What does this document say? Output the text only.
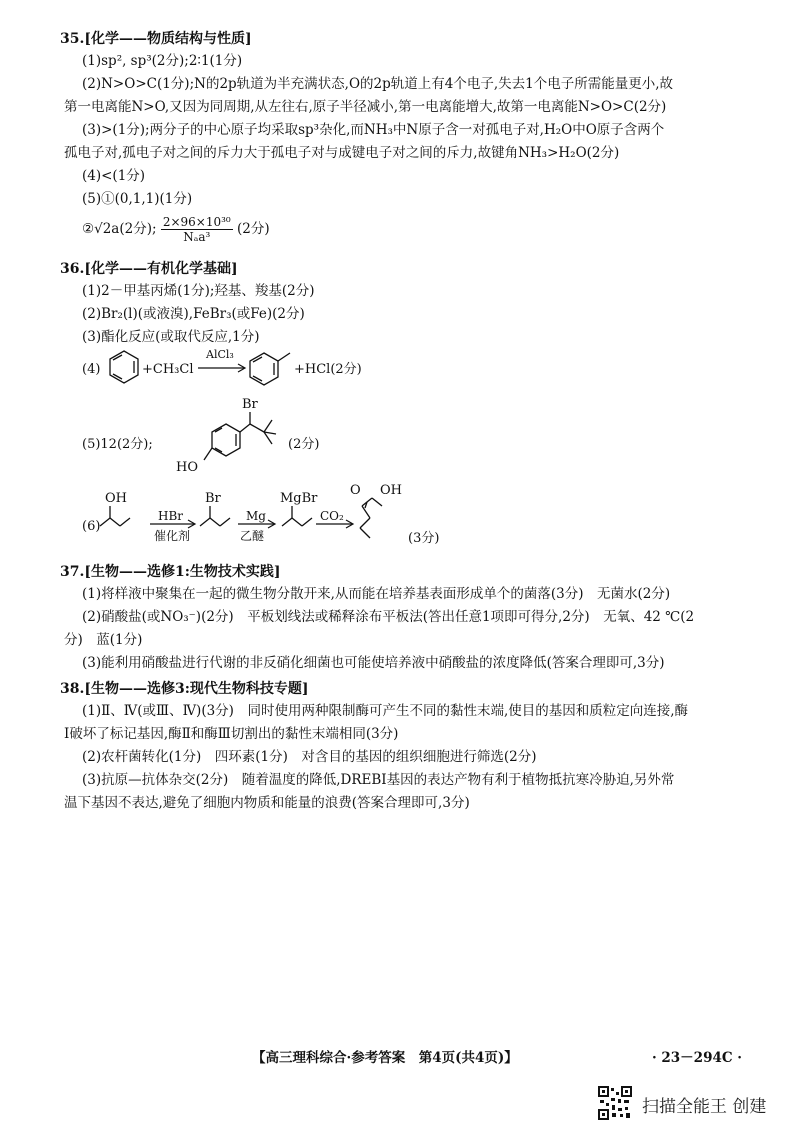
35.[化学——物质结构与性质]
(1)sp², sp³(2分);2∶1(1分)
(2)N>O>C(1分);N的2p轨道为半充满状态,O的2p轨道上有4个电子,失去1个电子所需能量更小,故
第一电离能N>O,又因为同周期,从左往右,原子半径减小,第一电离能增大,故第一电离能N>O>C(2分)
(3)>(1分);两分子的中心原子均采取sp³杂化,而NH₃中N原子含一对孤电子对,H₂O中O原子含两个
孤电子对,孤电子对之间的斥力大于孤电子对与成键电子对之间的斥力,故键角NH₃>H₂O(2分)
(4)<(1分)
(5)①(0,1,1)(1分)
②√2a(2分); $\frac{\text{2×96×10³⁰}}{\text{Nₐa³}} (2$分)
36.[化学——有机化学基础]
(1)2－甲基丙烯(1分);羟基、羧基(2分)
(2)Br₂(l)(或液溴),FeBr₃(或Fe)(2分)
(3)酯化反应(或取代反应,1分)
(4)	+CH₃Cl
AlCl₃
+HCl(2分)
(5)12(2分);
Br
HO
(2分)
(6)
OH
HBr
催化剂
Br
Mg
乙醚
MgBr
CO₂
O OH
(3分)
37.[生物——选修1:生物技术实践]
(1)将样液中聚集在一起的微生物分散开来,从而能在培养基表面形成单个的菌落(3分)　无菌水(2分)
(2)硝酸盐(或NO₃⁻)(2分)　平板划线法或稀释涂布平板法(答出任意1项即可得分,2分)　无氧、42 ℃(2
分)　蓝(1分)
(3)能利用硝酸盐进行代谢的非反硝化细菌也可能使培养液中硝酸盐的浓度降低(答案合理即可,3分)
38.[生物——选修3:现代生物科技专题]
(1)Ⅱ、Ⅳ(或Ⅲ、Ⅳ)(3分)　同时使用两种限制酶可产生不同的黏性末端,使目的基因和质粒定向连接,酶
Ⅰ破坏了标记基因,酶Ⅱ和酶Ⅲ切割出的黏性末端相同(3分)
(2)农杆菌转化(1分)　四环素(1分)　对含目的基因的组织细胞进行筛选(2分)
(3)抗原—抗体杂交(2分)　随着温度的降低,DREBI基因的表达产物有利于植物抵抗寒冷胁迫,另外常
温下基因不表达,避免了细胞内物质和能量的浪费(答案合理即可,3分)
【高三理科综合·参考答案　第4页(共4页)】	· 23－294C ·
扫描全能王 创建
